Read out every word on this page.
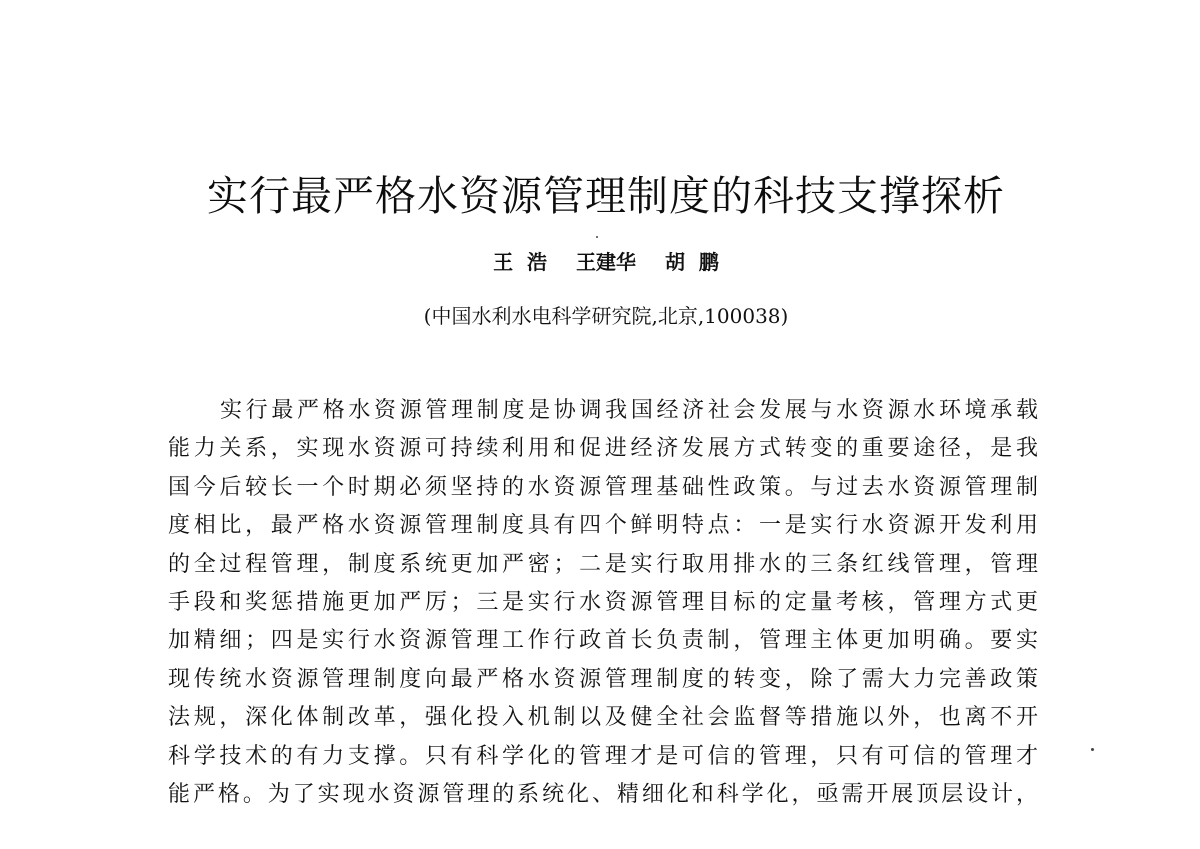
实行最严格水资源管理制度的科技支撑探析
王  浩 王建华 胡  鹏
(中国水利水电科学研究院,北京,100038)
实行最严格水资源管理制度是协调我国经济社会发展与水资源水环境承载
能力关系，实现水资源可持续利用和促进经济发展方式转变的重要途径，是我
国今后较长一个时期必须坚持的水资源管理基础性政策。与过去水资源管理制
度相比，最严格水资源管理制度具有四个鲜明特点：一是实行水资源开发利用
的全过程管理，制度系统更加严密；二是实行取用排水的三条红线管理，管理
手段和奖惩措施更加严厉；三是实行水资源管理目标的定量考核，管理方式更
加精细；四是实行水资源管理工作行政首长负责制，管理主体更加明确。要实
现传统水资源管理制度向最严格水资源管理制度的转变，除了需大力完善政策
法规，深化体制改革，强化投入机制以及健全社会监督等措施以外，也离不开
科学技术的有力支撑。只有科学化的管理才是可信的管理，只有可信的管理才
能严格。为了实现水资源管理的系统化、精细化和科学化，亟需开展顶层设计，
